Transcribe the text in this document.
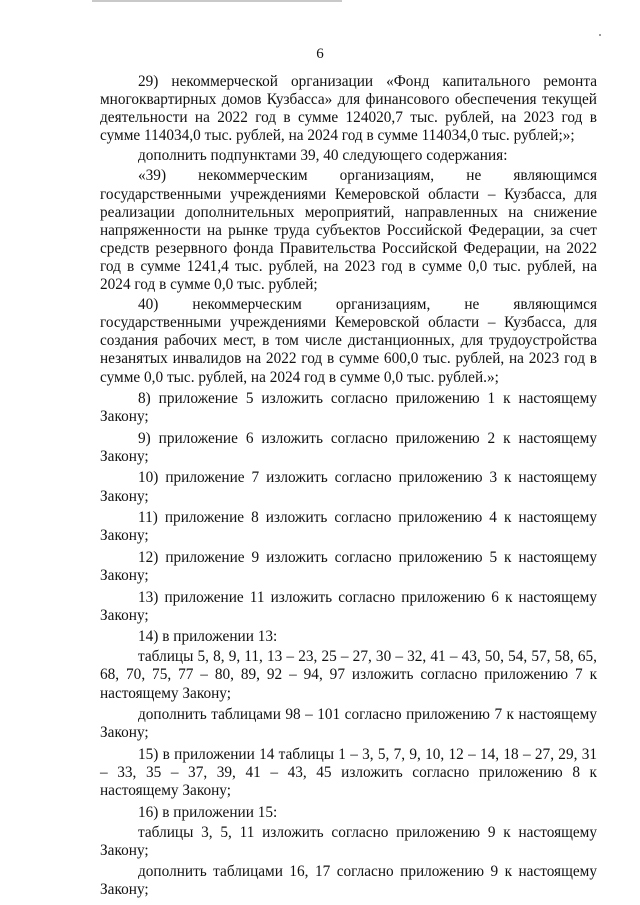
6

29) некоммерческой организации «Фонд капитального ремонта многоквартирных домов Кузбасса» для финансового обеспечения текущей деятельности на 2022 год в сумме 124020,7 тыс. рублей, на 2023 год в сумме 114034,0 тыс. рублей, на 2024 год в сумме 114034,0 тыс. рублей;»;

дополнить подпунктами 39, 40 следующего содержания:

«39) некоммерческим организациям, не являющимся государственными учреждениями Кемеровской области – Кузбасса, для реализации дополнительных мероприятий, направленных на снижение напряженности на рынке труда субъектов Российской Федерации, за счет средств резервного фонда Правительства Российской Федерации, на 2022 год в сумме 1241,4 тыс. рублей, на 2023 год в сумме 0,0 тыс. рублей, на 2024 год в сумме 0,0 тыс. рублей;

40) некоммерческим организациям, не являющимся государственными учреждениями Кемеровской области – Кузбасса, для создания рабочих мест, в том числе дистанционных, для трудоустройства незанятых инвалидов на 2022 год в сумме 600,0 тыс. рублей, на 2023 год в сумме 0,0 тыс. рублей, на 2024 год в сумме 0,0 тыс. рублей.»;

8) приложение 5 изложить согласно приложению 1 к настоящему Закону;

9) приложение 6 изложить согласно приложению 2 к настоящему Закону;

10) приложение 7 изложить согласно приложению 3 к настоящему Закону;

11) приложение 8 изложить согласно приложению 4 к настоящему Закону;

12) приложение 9 изложить согласно приложению 5 к настоящему Закону;

13) приложение 11 изложить согласно приложению 6 к настоящему Закону;

14) в приложении 13:

таблицы 5, 8, 9, 11, 13 – 23, 25 – 27, 30 – 32, 41 – 43, 50, 54, 57, 58, 65, 68, 70, 75, 77 – 80, 89, 92 – 94, 97 изложить согласно приложению 7 к настоящему Закону;

дополнить таблицами 98 – 101 согласно приложению 7 к настоящему Закону;

15) в приложении 14 таблицы 1 – 3, 5, 7, 9, 10, 12 – 14, 18 – 27, 29, 31 – 33, 35 – 37, 39, 41 – 43, 45 изложить согласно приложению 8 к настоящему Закону;

16) в приложении 15:

таблицы 3, 5, 11 изложить согласно приложению 9 к настоящему Закону;

дополнить таблицами 16, 17 согласно приложению 9 к настоящему Закону;
